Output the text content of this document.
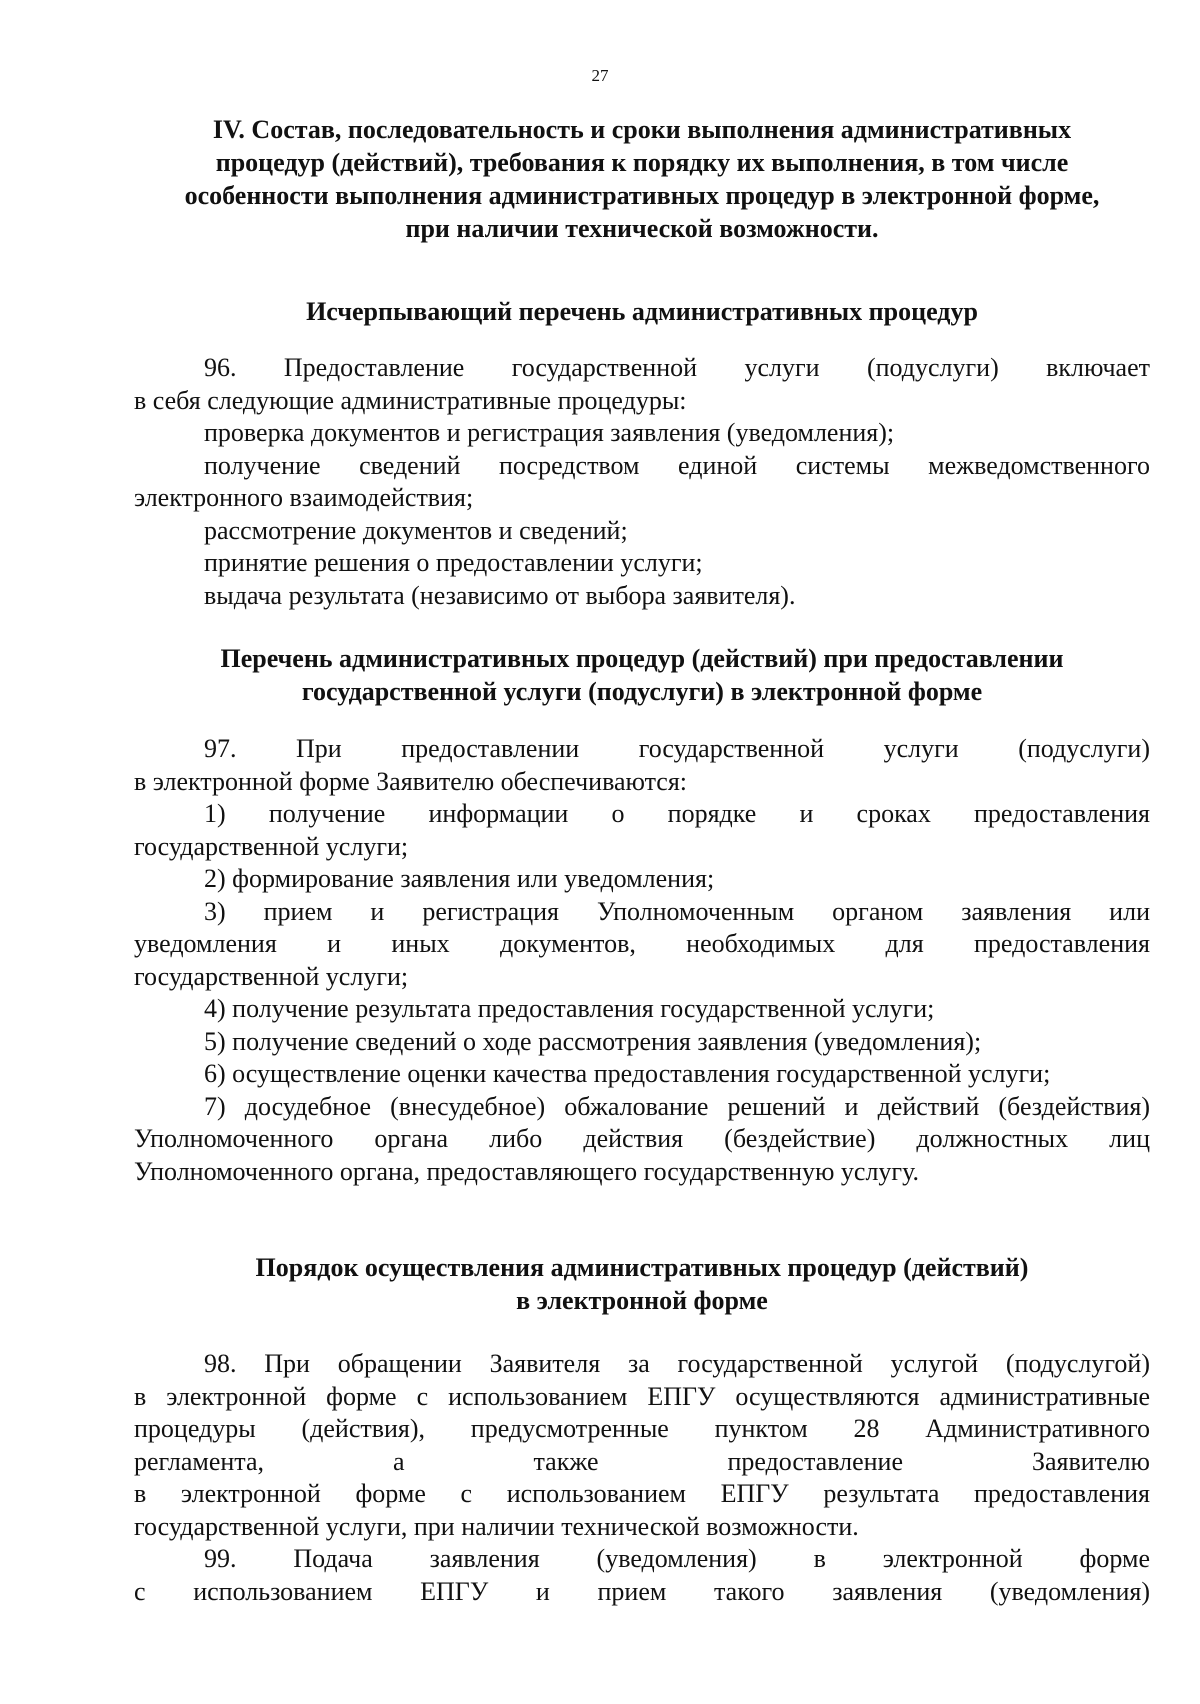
27
IV. Состав, последовательность и сроки выполнения административных
процедур (действий), требования к порядку их выполнения, в том числе
особенности выполнения административных процедур в электронной форме,
при наличии технической возможности.
Исчерпывающий перечень административных процедур
96. Предоставление государственной услуги (подуслуги) включает
в себя следующие административные процедуры:
проверка документов и регистрация заявления (уведомления);
получение сведений посредством единой системы межведомственного
электронного взаимодействия;
рассмотрение документов и сведений;
принятие решения о предоставлении услуги;
выдача результата (независимо от выбора заявителя).
Перечень административных процедур (действий) при предоставлении
государственной услуги (подуслуги) в электронной форме
97. При предоставлении государственной услуги (подуслуги)
в электронной форме Заявителю обеспечиваются:
1) получение информации о порядке и сроках предоставления
государственной услуги;
2) формирование заявления или уведомления;
3) прием и регистрация Уполномоченным органом заявления или
уведомления и иных документов, необходимых для предоставления
государственной услуги;
4) получение результата предоставления государственной услуги;
5) получение сведений о ходе рассмотрения заявления (уведомления);
6) осуществление оценки качества предоставления государственной услуги;
7) досудебное (внесудебное) обжалование решений и действий (бездействия)
Уполномоченного органа либо действия (бездействие) должностных лиц
Уполномоченного органа, предоставляющего государственную услугу.
Порядок осуществления административных процедур (действий)
в электронной форме
98. При обращении Заявителя за государственной услугой (подуслугой)
в электронной форме с использованием ЕПГУ осуществляются административные
процедуры (действия), предусмотренные пунктом 28 Административного
регламента, а также предоставление Заявителю
в электронной форме с использованием ЕПГУ результата предоставления
государственной услуги, при наличии технической возможности.
99. Подача заявления (уведомления) в электронной форме
с использованием ЕПГУ и прием такого заявления (уведомления)
